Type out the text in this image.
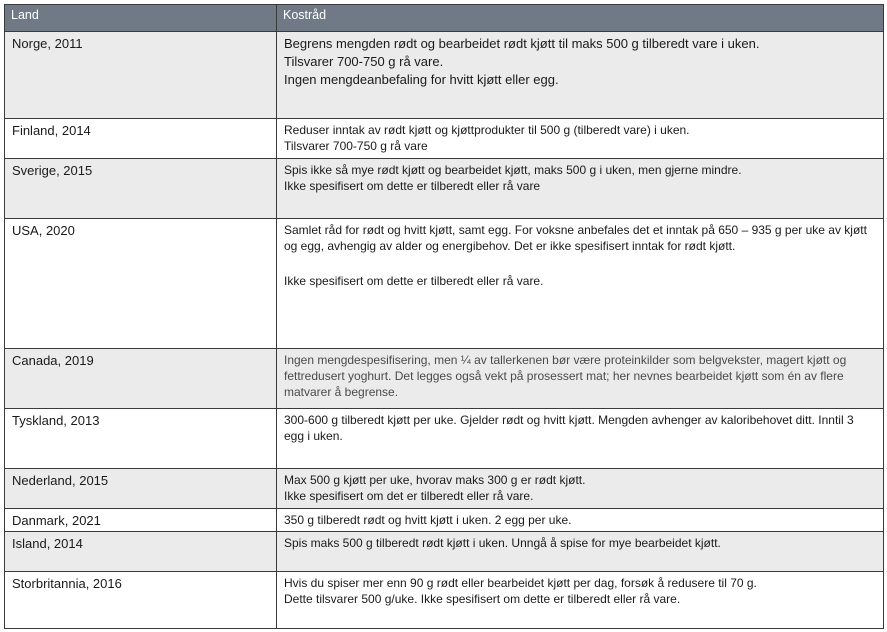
Land	Kostråd
Norge, 2011	Begrens mengden rødt og bearbeidet rødt kjøtt til maks 500 g tilberedt vare i uken.
Tilsvarer 700-750 g rå vare.
Ingen mengdeanbefaling for hvitt kjøtt eller egg.

Finland, 2014	Reduser inntak av rødt kjøtt og kjøttprodukter til 500 g (tilberedt vare) i uken.
Tilsvarer 700-750 g rå vare

Sverige, 2015	Spis ikke så mye rødt kjøtt og bearbeidet kjøtt, maks 500 g i uken, men gjerne mindre.
Ikke spesifisert om dette er tilberedt eller rå vare

USA, 2020	Samlet råd for rødt og hvitt kjøtt, samt egg. For voksne anbefales det et inntak på 650 – 935 g per uke av kjøtt og egg, avhengig av alder og energibehov. Det er ikke spesifisert inntak for rødt kjøtt.
Ikke spesifisert om dette er tilberedt eller rå vare.

Canada, 2019	Ingen mengdespesifisering, men ¼ av tallerkenen bør være proteinkilder som belgvekster, magert kjøtt og fettredusert yoghurt. Det legges også vekt på prosessert mat; her nevnes bearbeidet kjøtt som én av flere matvarer å begrense.

Tyskland, 2013	300-600 g tilberedt kjøtt per uke. Gjelder rødt og hvitt kjøtt. Mengden avhenger av kaloribehovet ditt. Inntil 3 egg i uken.

Nederland, 2015	Max 500 g kjøtt per uke, hvorav maks 300 g er rødt kjøtt.
Ikke spesifisert om det er tilberedt eller rå vare.

Danmark, 2021	350 g tilberedt rødt og hvitt kjøtt i uken. 2 egg per uke.

Island, 2014	Spis maks 500 g tilberedt rødt kjøtt i uken. Unngå å spise for mye bearbeidet kjøtt.

Storbritannia, 2016	Hvis du spiser mer enn 90 g rødt eller bearbeidet kjøtt per dag, forsøk å redusere til 70 g.
Dette tilsvarer 500 g/uke. Ikke spesifisert om dette er tilberedt eller rå vare.
